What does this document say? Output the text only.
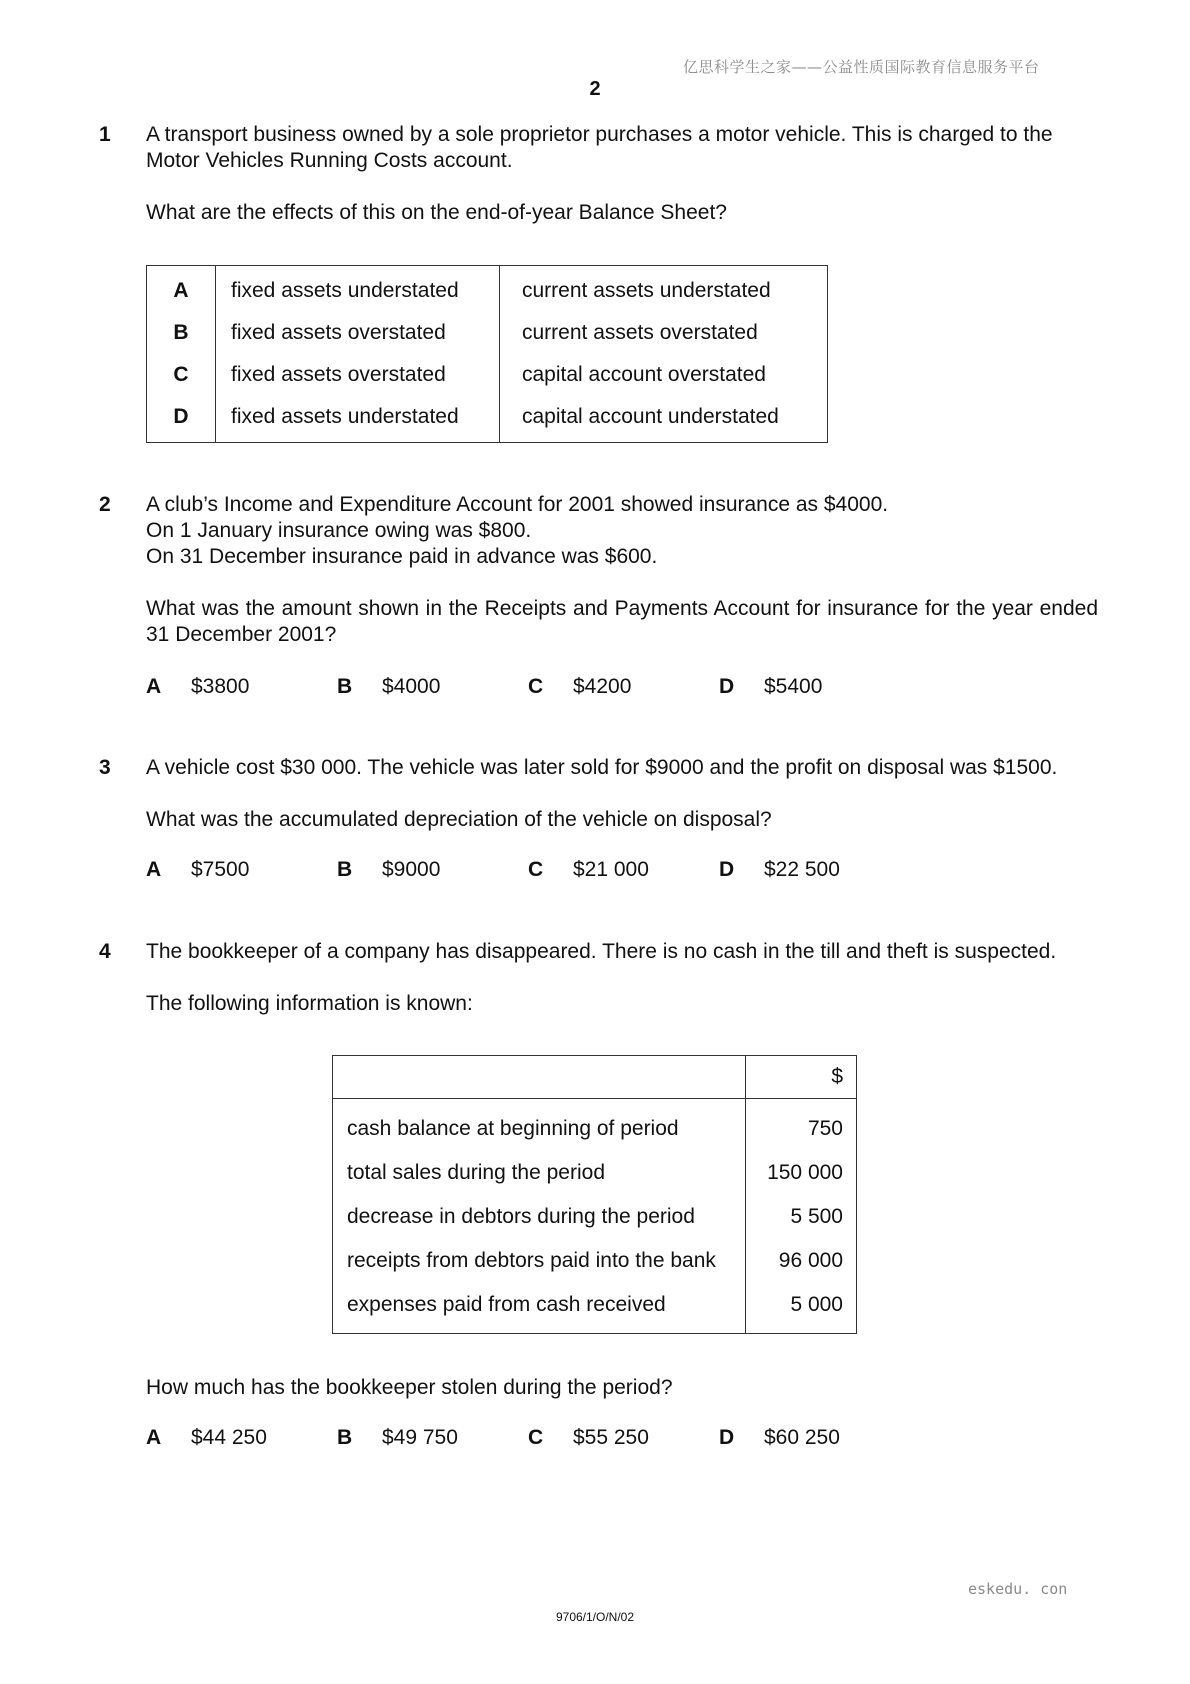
亿思科学生之家——公益性质国际教育信息服务平台
2
1 A transport business owned by a sole proprietor purchases a motor vehicle. This is charged to the
Motor Vehicles Running Costs account.
What are the effects of this on the end-of-year Balance Sheet?
A	fixed assets understated	current assets understated
B	fixed assets overstated	current assets overstated
C	fixed assets overstated	capital account overstated
D	fixed assets understated	capital account understated
2 A club’s Income and Expenditure Account for 2001 showed insurance as $4000.
On 1 January insurance owing was $800.
On 31 December insurance paid in advance was $600.
What was the amount shown in the Receipts and Payments Account for insurance for the year ended 31 December 2001?
A $3800	B $4000	C $4200	D $5400
3 A vehicle cost $30 000. The vehicle was later sold for $9000 and the profit on disposal was $1500.
What was the accumulated depreciation of the vehicle on disposal?
A $7500	B $9000	C $21 000	D $22 500
4 The bookkeeper of a company has disappeared. There is no cash in the till and theft is suspected.
The following information is known:
	$
cash balance at beginning of period	750
total sales during the period	150 000
decrease in debtors during the period	5 500
receipts from debtors paid into the bank	96 000
expenses paid from cash received	5 000
How much has the bookkeeper stolen during the period?
A $44 250	B $49 750	C $55 250	D $60 250
eskedu. con
9706/1/O/N/02
